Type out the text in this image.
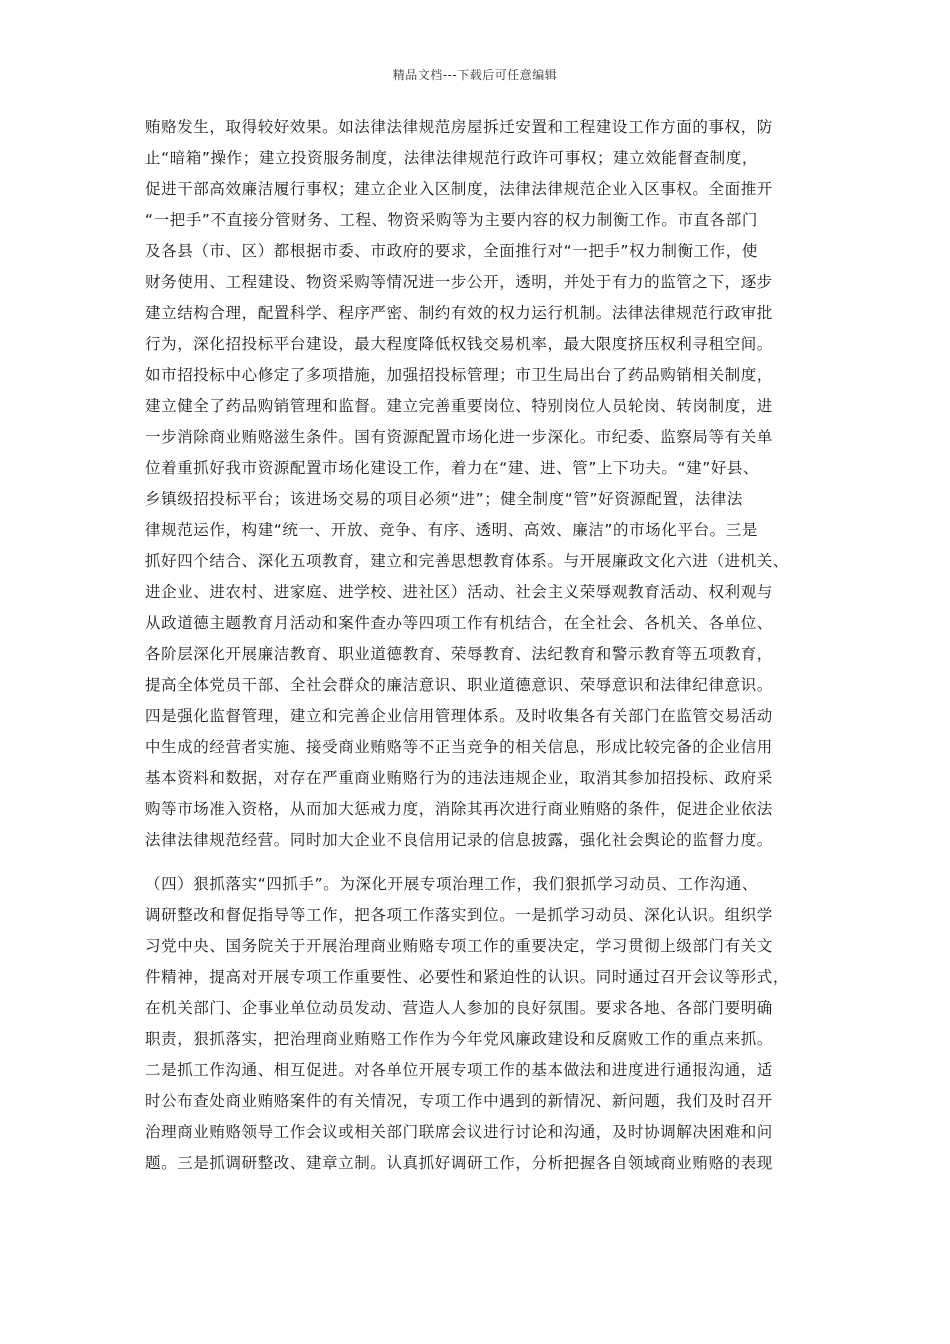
精品文档---下载后可任意编辑
贿赂发生，取得较好效果。如法律法律规范房屋拆迁安置和工程建设工作方面的事权，防
止“暗箱”操作；建立投资服务制度，法律法律规范行政许可事权；建立效能督查制度，
促进干部高效廉洁履行事权；建立企业入区制度，法律法律规范企业入区事权。全面推开
“一把手”不直接分管财务、工程、物资采购等为主要内容的权力制衡工作。市直各部门
及各县（市、区）都根据市委、市政府的要求，全面推行对“一把手”权力制衡工作，使
财务使用、工程建设、物资采购等情况进一步公开，透明，并处于有力的监管之下，逐步
建立结构合理，配置科学、程序严密、制约有效的权力运行机制。法律法律规范行政审批
行为，深化招投标平台建设，最大程度降低权钱交易机率，最大限度挤压权利寻租空间。
如市招投标中心修定了多项措施，加强招投标管理；市卫生局出台了药品购销相关制度，
建立健全了药品购销管理和监督。建立完善重要岗位、特别岗位人员轮岗、转岗制度，进
一步消除商业贿赂滋生条件。国有资源配置市场化进一步深化。市纪委、监察局等有关单
位着重抓好我市资源配置市场化建设工作，着力在“建、进、管”上下功夫。“建”好县、
乡镇级招投标平台；该进场交易的项目必须“进”；健全制度“管”好资源配置，法律法
律规范运作，构建“统一、开放、竞争、有序、透明、高效、廉洁”的市场化平台。三是
抓好四个结合、深化五项教育，建立和完善思想教育体系。与开展廉政文化六进（进机关、
进企业、进农村、进家庭、进学校、进社区）活动、社会主义荣辱观教育活动、权利观与
从政道德主题教育月活动和案件查办等四项工作有机结合，在全社会、各机关、各单位、
各阶层深化开展廉洁教育、职业道德教育、荣辱教育、法纪教育和警示教育等五项教育，
提高全体党员干部、全社会群众的廉洁意识、职业道德意识、荣辱意识和法律纪律意识。
四是强化监督管理，建立和完善企业信用管理体系。及时收集各有关部门在监管交易活动
中生成的经营者实施、接受商业贿赂等不正当竞争的相关信息，形成比较完备的企业信用
基本资料和数据，对存在严重商业贿赂行为的违法违规企业，取消其参加招投标、政府采
购等市场准入资格，从而加大惩戒力度，消除其再次进行商业贿赂的条件，促进企业依法
法律法律规范经营。同时加大企业不良信用记录的信息披露，强化社会舆论的监督力度。
（四）狠抓落实“四抓手”。为深化开展专项治理工作，我们狠抓学习动员、工作沟通、
调研整改和督促指导等工作，把各项工作落实到位。一是抓学习动员、深化认识。组织学
习党中央、国务院关于开展治理商业贿赂专项工作的重要决定，学习贯彻上级部门有关文
件精神，提高对开展专项工作重要性、必要性和紧迫性的认识。同时通过召开会议等形式，
在机关部门、企事业单位动员发动、营造人人参加的良好氛围。要求各地、各部门要明确
职责，狠抓落实，把治理商业贿赂工作作为今年党风廉政建设和反腐败工作的重点来抓。
二是抓工作沟通、相互促进。对各单位开展专项工作的基本做法和进度进行通报沟通，适
时公布查处商业贿赂案件的有关情况，专项工作中遇到的新情况、新问题，我们及时召开
治理商业贿赂领导工作会议或相关部门联席会议进行讨论和沟通，及时协调解决困难和问
题。三是抓调研整改、建章立制。认真抓好调研工作，分析把握各自领域商业贿赂的表现
